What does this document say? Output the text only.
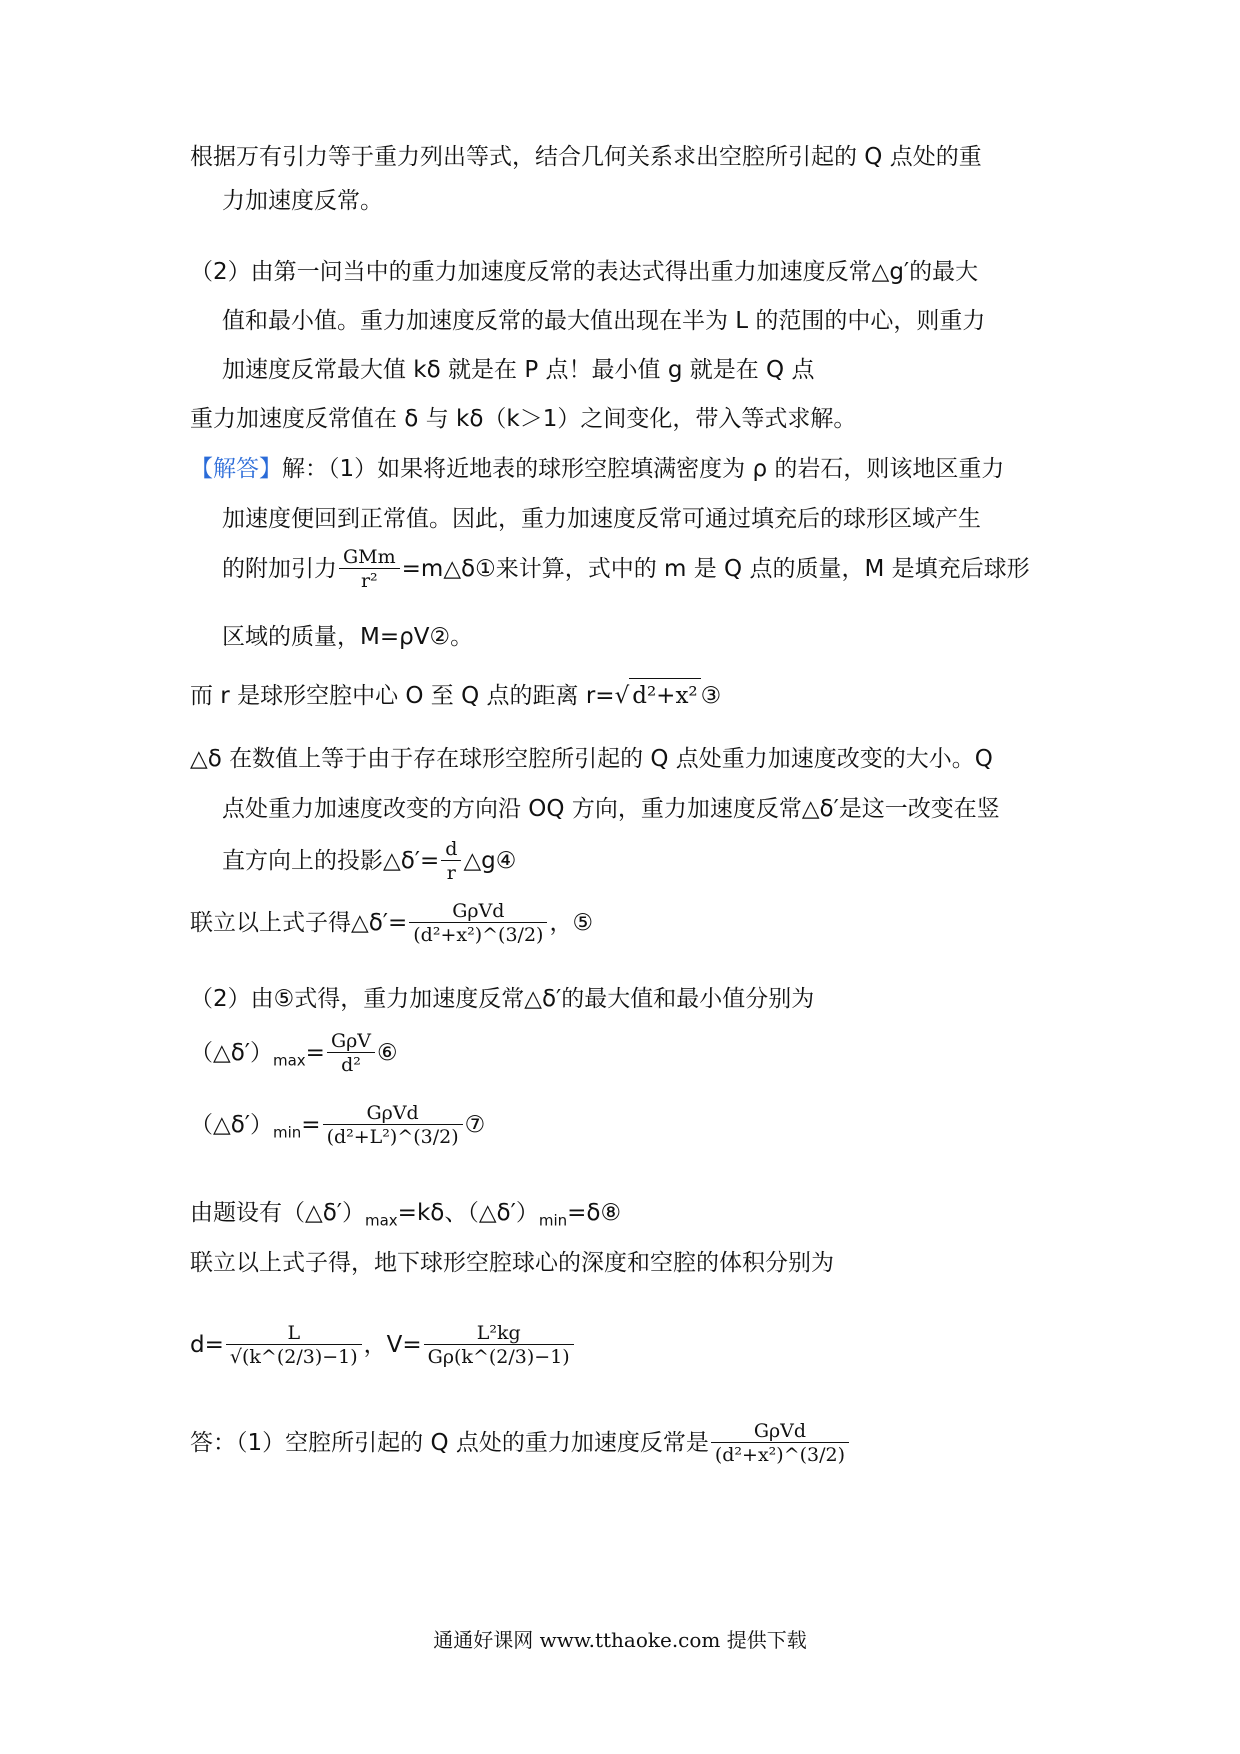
根据万有引力等于重力列出等式，结合几何关系求出空腔所引起的 Q 点处的重
力加速度反常。
（2）由第一问当中的重力加速度反常的表达式得出重力加速度反常△g′的最大
值和最小值。重力加速度反常的最大值出现在半为 L 的范围的中心，则重力
加速度反常最大值 kδ 就是在 P 点！最小值 g 就是在 Q 点
重力加速度反常值在 δ 与 kδ（k＞1）之间变化，带入等式求解。
【解答】解：（1）如果将近地表的球形空腔填满密度为 ρ 的岩石，则该地区重力
加速度便回到正常值。因此，重力加速度反常可通过填充后的球形区域产生
的附加引力 $\frac{\text{GMm}}{\text{r²}}$ =m△δ①来计算，式中的 m 是 Q 点的质量，M 是填充后球形
区域的质量，M=ρV②。
而 r 是球形空腔中心 O 至 Q 点的距离 r=√ d²+x² ③
△δ 在数值上等于由于存在球形空腔所引起的 Q 点处重力加速度改变的大小。Q
点处重力加速度改变的方向沿 OQ 方向，重力加速度反常△δ′是这一改变在竖
直方向上的投影△δ′= $\frac{d}{r}$ △g④
联立以上式子得△δ′= $\frac{\text{GρVd}}{\text{(d²+x²)\textasciicircum{}(3/2)}}$ ，⑤
（2）由⑤式得，重力加速度反常△δ′的最大值和最小值分别为
$(\triangle\delta')_{max}= \frac{\text{GρV}}{\text{d²}}$ ⑥
$(\triangle\delta')_{min}= \frac{\text{GρVd}}{\text{(d²+L²)\textasciicircum{}(3/2)}}$ ⑦
由题设有$(\triangle\delta')_{max}=k\delta$、$(\triangle\delta')_{min}=\delta ⑧$
联立以上式子得，地下球形空腔球心的深度和空腔的体积分别为
$d= \frac{L}{√(k\^{}(2/3)-1)}$ ，$V= \frac{\text{L²kg}}{G\rho(k\^{}(2/3)-1)}$
答：（1）空腔所引起的 Q 点处的重力加速度反常是 $\frac{\text{GρVd}}{\text{(d²+x²)\textasciicircum{}(3/2)}}$
通通好课网 www.tthaoke.com 提供下载
